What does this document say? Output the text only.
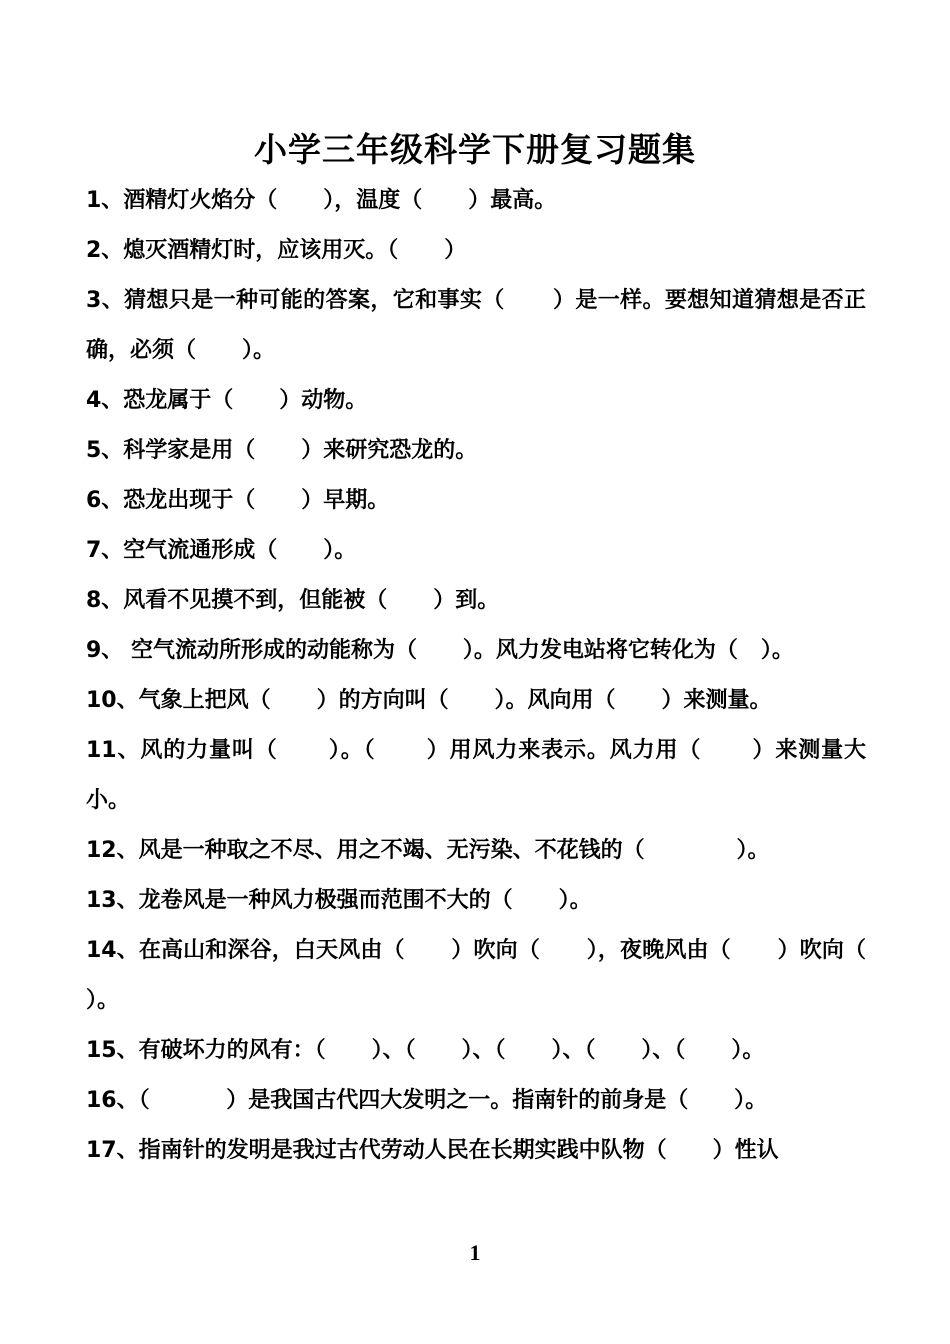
小学三年级科学下册复习题集
1、酒精灯火焰分（      ），温度（      ）最高。
2、熄灭酒精灯时，应该用灭。（      ）
3、猜想只是一种可能的答案，它和事实（      ）是一样。要想知道猜想是否正确，必须（      ）。
4、恐龙属于（      ）动物。
5、科学家是用（      ）来研究恐龙的。
6、恐龙出现于（      ）早期。
7、空气流通形成（      ）。
8、风看不见摸不到，但能被（      ）到。
9、 空气流动所形成的动能称为（      ）。风力发电站将它转化为（   ）。
10、气象上把风（      ）的方向叫（      ）。风向用（      ）来测量。
11、风的力量叫（      ）。（      ）用风力来表示。风力用（      ）来测量大小。
12、风是一种取之不尽、用之不竭、无污染、不花钱的（            ）。
13、龙卷风是一种风力极强而范围不大的（      ）。
14、在高山和深谷，白天风由（      ）吹向（      ），夜晚风由（      ）吹向（      ）。
15、有破坏力的风有：（      ）、（      ）、（      ）、（      ）、（      ）。
16、（          ）是我国古代四大发明之一。指南针的前身是（      ）。
17、指南针的发明是我过古代劳动人民在长期实践中队物（      ）性认
1
